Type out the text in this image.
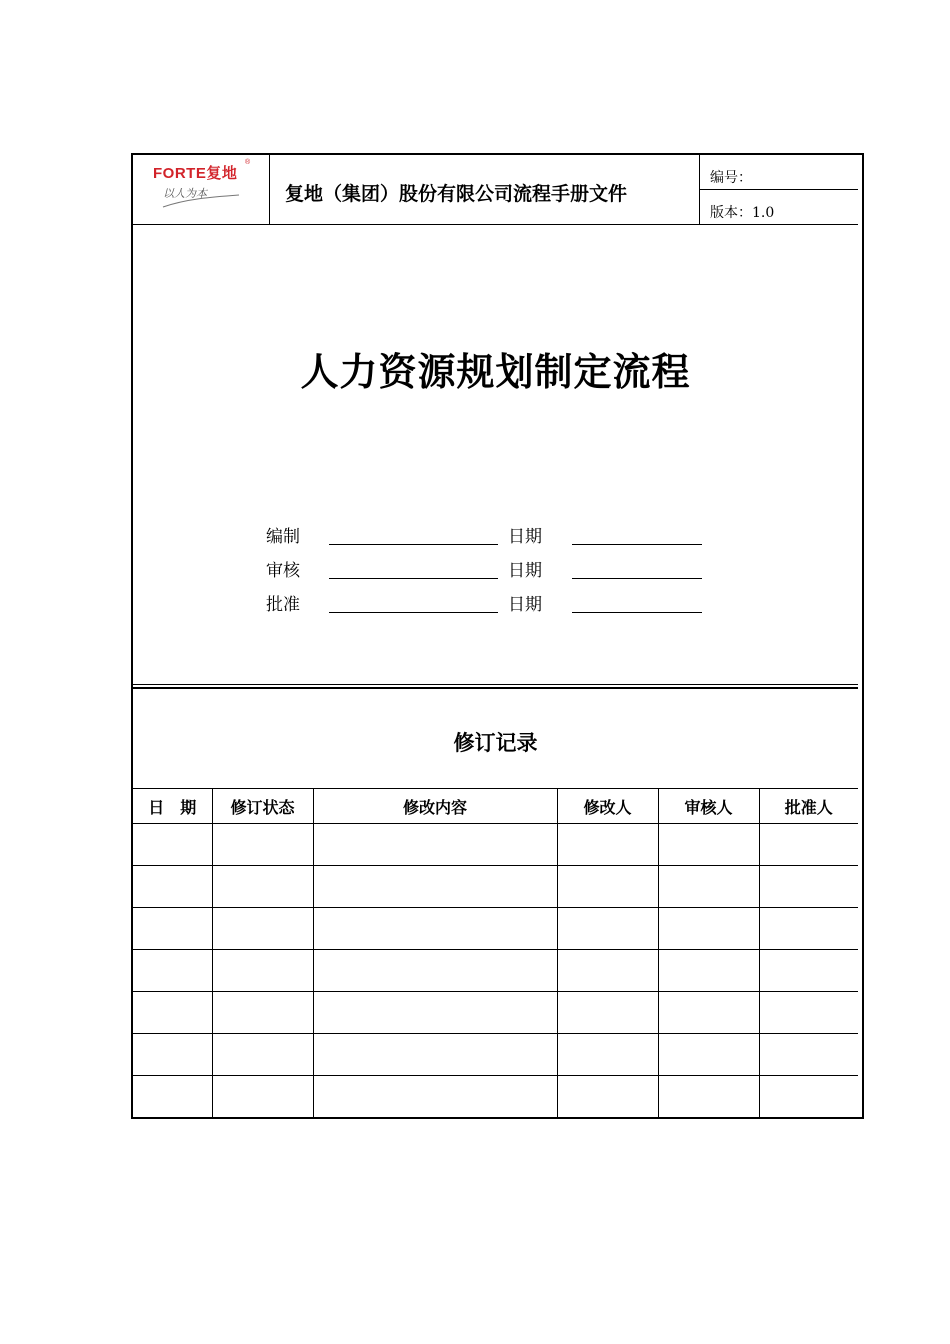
FORTE复地
®
以人为本	复地（集团）股份有限公司流程手册文件
编号：
版本：1.0
人力资源规划制定流程
编制	日期
审核	日期
批准	日期
修订记录
日　期	修订状态	修改内容	修改人	审核人	批准人
